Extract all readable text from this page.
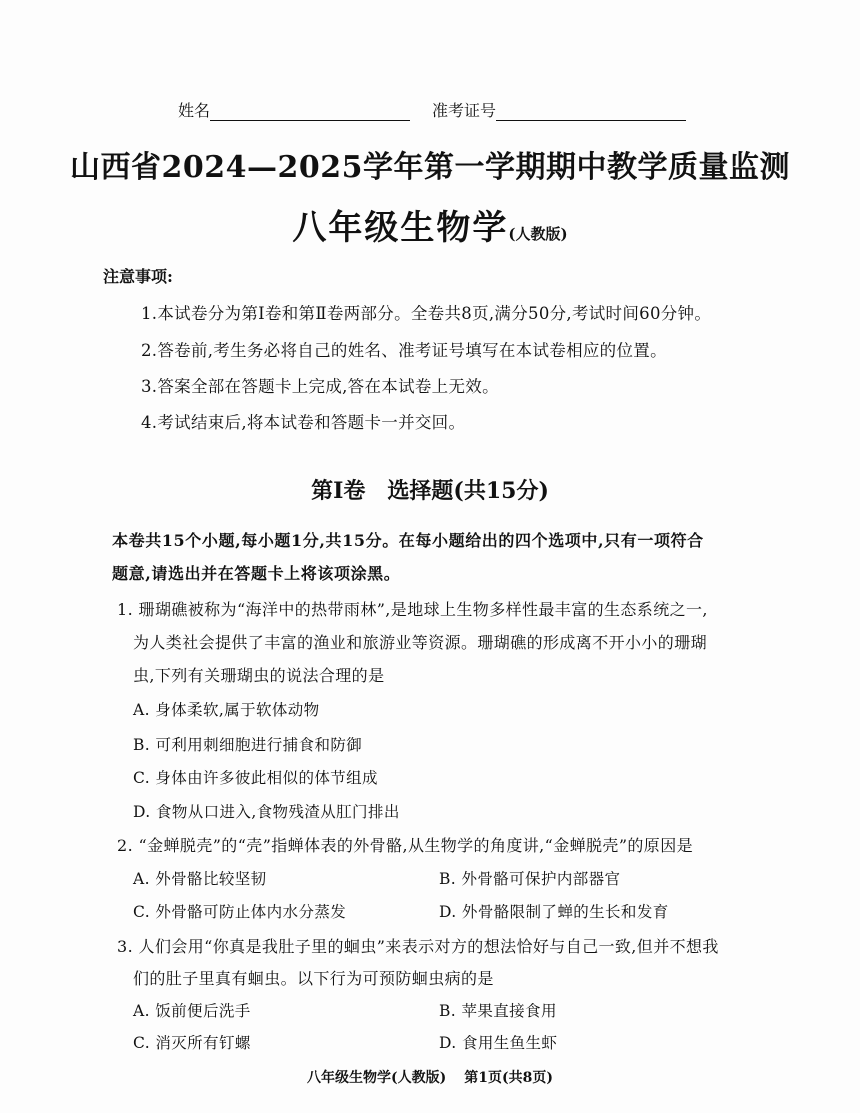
姓名	准考证号
山西省2024—2025学年第一学期期中教学质量监测
八年级生物学(人教版)
注意事项:
1.本试卷分为第Ⅰ卷和第Ⅱ卷两部分。全卷共8页,满分50分,考试时间60分钟。
2.答卷前,考生务必将自己的姓名、准考证号填写在本试卷相应的位置。
3.答案全部在答题卡上完成,答在本试卷上无效。
4.考试结束后,将本试卷和答题卡一并交回。
第Ⅰ卷　选择题(共15分)
本卷共15个小题,每小题1分,共15分。在每小题给出的四个选项中,只有一项符合
题意,请选出并在答题卡上将该项涂黑。
1. 珊瑚礁被称为“海洋中的热带雨林”,是地球上生物多样性最丰富的生态系统之一,
为人类社会提供了丰富的渔业和旅游业等资源。珊瑚礁的形成离不开小小的珊瑚
虫,下列有关珊瑚虫的说法合理的是
A. 身体柔软,属于软体动物
B. 可利用刺细胞进行捕食和防御
C. 身体由许多彼此相似的体节组成
D. 食物从口进入,食物残渣从肛门排出
2. “金蝉脱壳”的“壳”指蝉体表的外骨骼,从生物学的角度讲,“金蝉脱壳”的原因是
A. 外骨骼比较坚韧	B. 外骨骼可保护内部器官
C. 外骨骼可防止体内水分蒸发	D. 外骨骼限制了蝉的生长和发育
3. 人们会用“你真是我肚子里的蛔虫”来表示对方的想法恰好与自己一致,但并不想我
们的肚子里真有蛔虫。以下行为可预防蛔虫病的是
A. 饭前便后洗手	B. 苹果直接食用
C. 消灭所有钉螺	D. 食用生鱼生虾
八年级生物学(人教版) 第1页(共8页)
